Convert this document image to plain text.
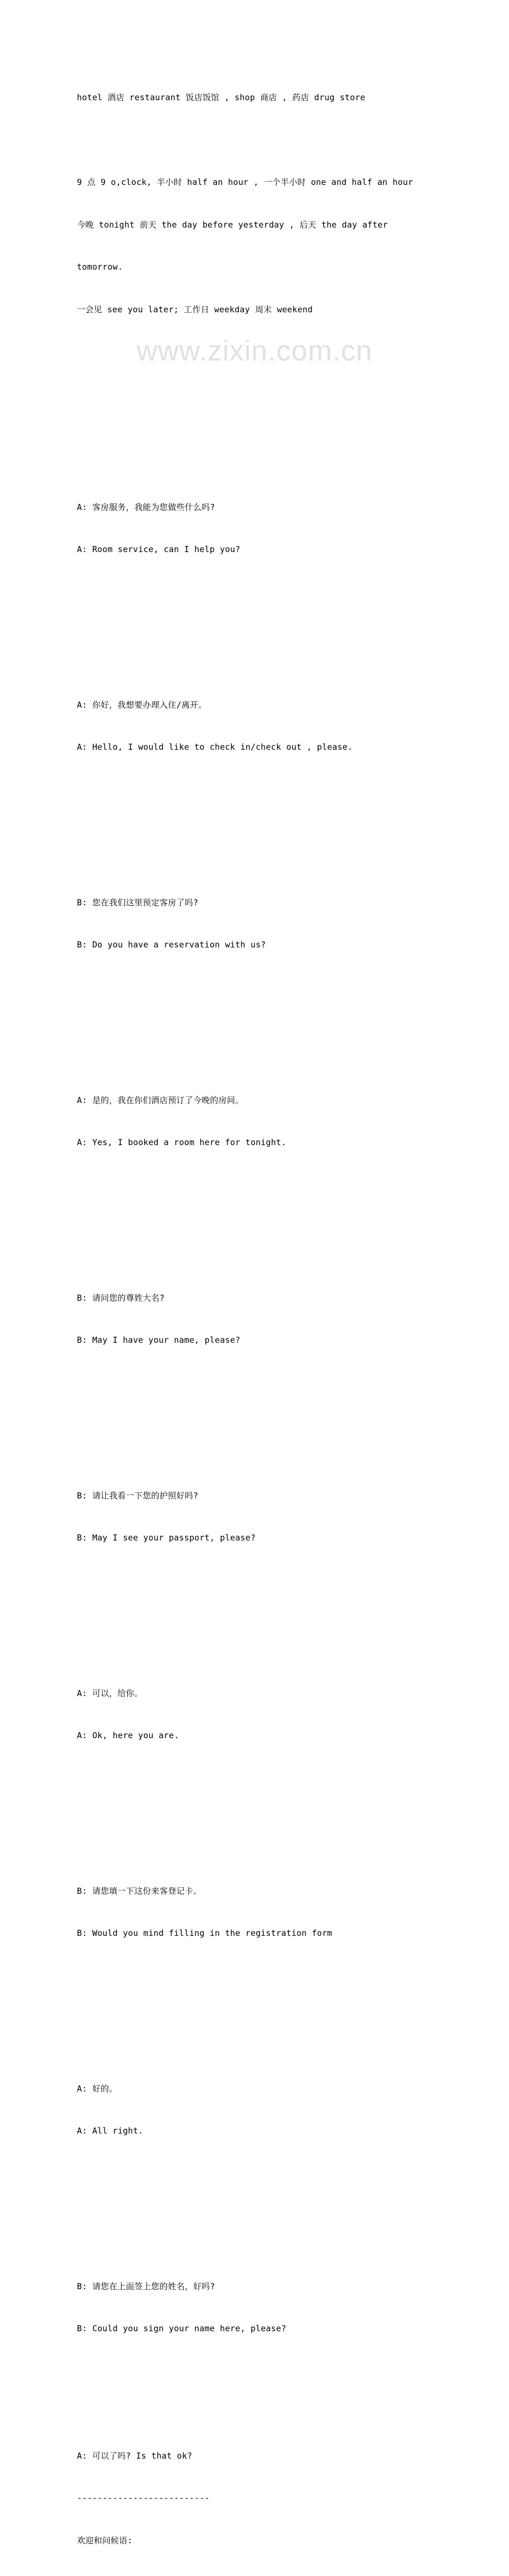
www.zixin.com.cn

hotel 酒店 restaurant 饭店饭馆 , shop 商店 , 药店 drug store

9 点 9 o,clock, 半小时 half an hour , 一个半小时 one and half an hour

今晚 tonight 前天 the day before yesterday , 后天 the day after

tomorrow.

一会见 see you later; 工作日 weekday 周末 weekend

A: 客房服务，我能为您做些什么吗?

A: Room service, can I help you?

A: 你好，我想要办理入住/离开。

A: Hello, I would like to check in/check out , please.

B: 您在我们这里预定客房了吗?

B: Do you have a reservation with us?

A: 是的，我在你们酒店预订了今晚的房间。

A: Yes, I booked a room here for tonight.

B: 请问您的尊姓大名?

B: May I have your name, please?

B: 请让我看一下您的护照好吗?

B: May I see your passport, please?

A: 可以，给你。

A: Ok, here you are.

B: 请您填一下这份来客登记卡。

B: Would you mind filling in the registration form

A: 好的。

A: All right.

B: 请您在上面签上您的姓名，好吗?

B: Could you sign your name here, please?

A: 可以了吗? Is that ok?

--------------------------

欢迎和问候语:
